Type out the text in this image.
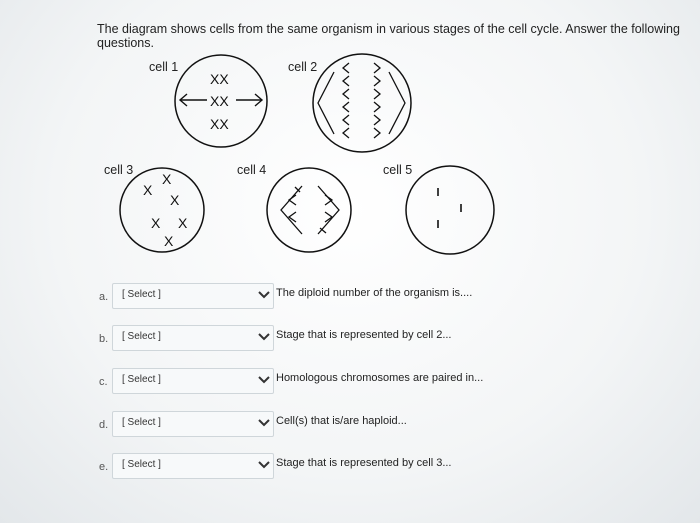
The diagram shows cells from the same organism in various stages of the cell cycle. Answer the following questions.
cell 1
XX
XX
XX
cell 2
cell 3
X
X
X
X X
X
cell 4	cell 5
a. [ Select ]	The diploid number of the organism is....
b. [ Select ]	Stage that is represented by cell 2...
c. [ Select ]	Homologous chromosomes are paired in...
d. [ Select ]	Cell(s) that is/are haploid...
e. [ Select ]	Stage that is represented by cell 3...
